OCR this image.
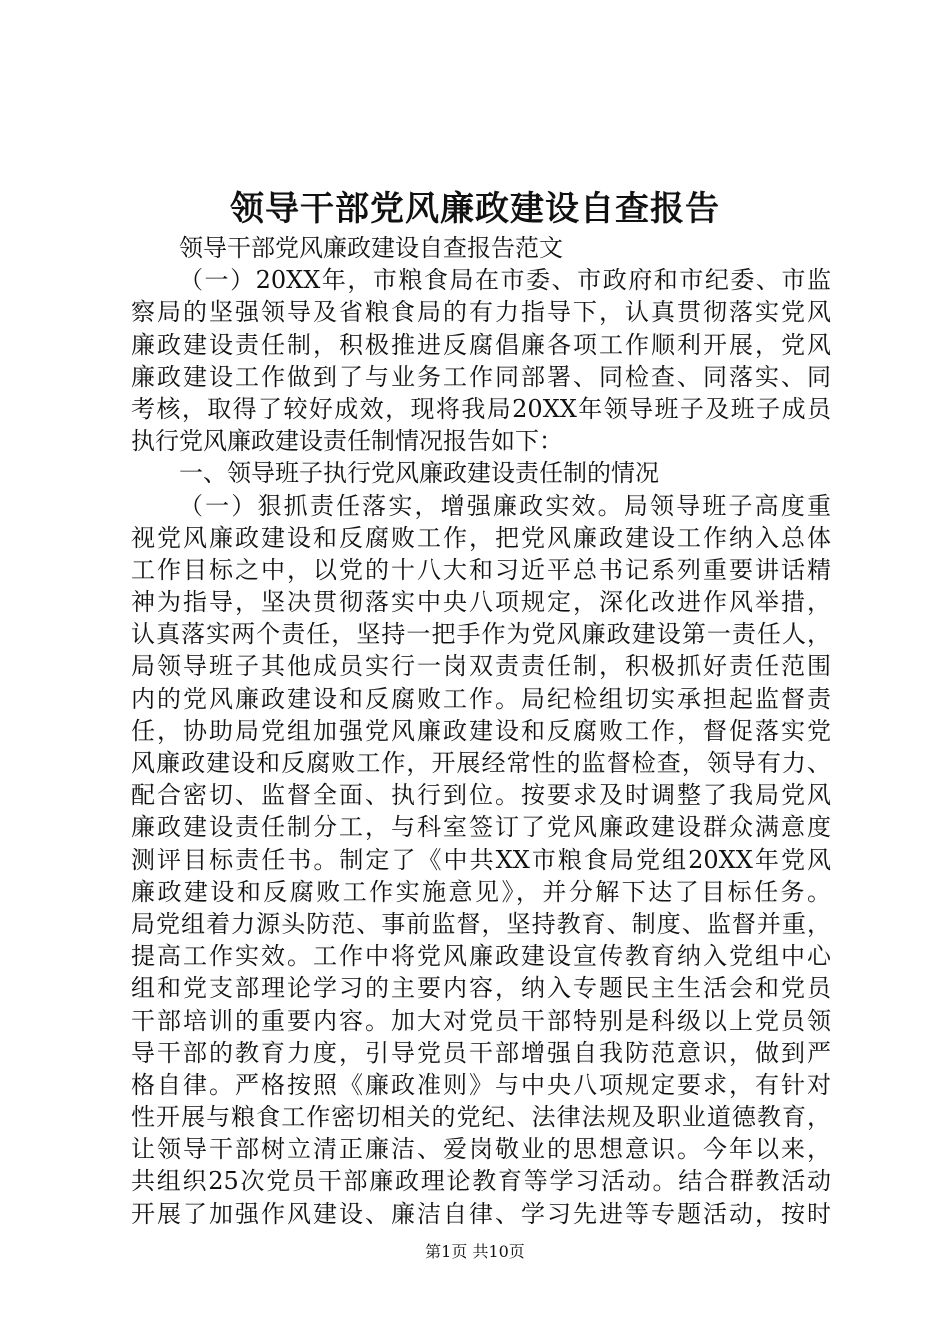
领导干部党风廉政建设自查报告
领导干部党风廉政建设自查报告范文
（一）20XX年，市粮食局在市委、市政府和市纪委、市监
察局的坚强领导及省粮食局的有力指导下，认真贯彻落实党风
廉政建设责任制，积极推进反腐倡廉各项工作顺利开展，党风
廉政建设工作做到了与业务工作同部署、同检查、同落实、同
考核，取得了较好成效，现将我局20XX年领导班子及班子成员
执行党风廉政建设责任制情况报告如下：
一、领导班子执行党风廉政建设责任制的情况
（一）狠抓责任落实，增强廉政实效。局领导班子高度重
视党风廉政建设和反腐败工作，把党风廉政建设工作纳入总体
工作目标之中，以党的十八大和习近平总书记系列重要讲话精
神为指导，坚决贯彻落实中央八项规定，深化改进作风举措，
认真落实两个责任，坚持一把手作为党风廉政建设第一责任人，
局领导班子其他成员实行一岗双责责任制，积极抓好责任范围
内的党风廉政建设和反腐败工作。局纪检组切实承担起监督责
任，协助局党组加强党风廉政建设和反腐败工作，督促落实党
风廉政建设和反腐败工作，开展经常性的监督检查，领导有力、
配合密切、监督全面、执行到位。按要求及时调整了我局党风
廉政建设责任制分工，与科室签订了党风廉政建设群众满意度
测评目标责任书。制定了《中共XX市粮食局党组20XX年党风
廉政建设和反腐败工作实施意见》，并分解下达了目标任务。
局党组着力源头防范、事前监督，坚持教育、制度、监督并重，
提高工作实效。工作中将党风廉政建设宣传教育纳入党组中心
组和党支部理论学习的主要内容，纳入专题民主生活会和党员
干部培训的重要内容。加大对党员干部特别是科级以上党员领
导干部的教育力度，引导党员干部增强自我防范意识，做到严
格自律。严格按照《廉政准则》与中央八项规定要求，有针对
性开展与粮食工作密切相关的党纪、法律法规及职业道德教育，
让领导干部树立清正廉洁、爱岗敬业的思想意识。今年以来，
共组织25次党员干部廉政理论教育等学习活动。结合群教活动
开展了加强作风建设、廉洁自律、学习先进等专题活动，按时
第1页 共10页
